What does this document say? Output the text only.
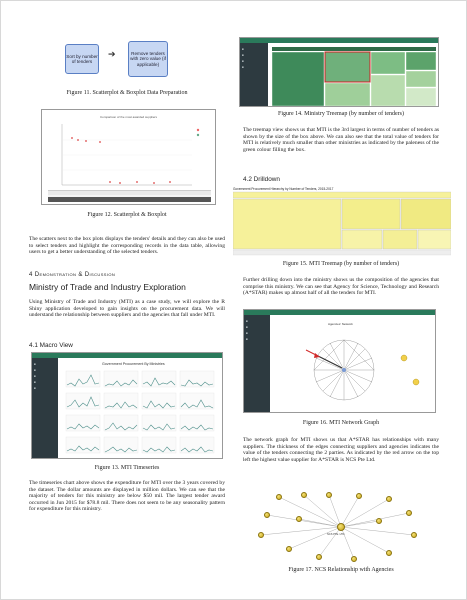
Sort by number of tenders
➔	Remove tenders with zero value (if applicable)
Figure 11. Scatterplot & Boxplot Data Preparation
Comparison of the most awarded suppliers
Figure 12. Scatterplot & Boxplot
The scatters next to the box plots displays the tenders' details and they can also be used to select tenders and highlight the corresponding records in the data table, allowing users to get a better understanding of the selected tenders.
4 Demonstration & Discussion
Ministry of Trade and Industry Exploration
Using Ministry of Trade and Industry (MTI) as a case study, we will explore the R Shiny application developed to gain insights on the procurement data. We will understand the relationship between suppliers and the agencies that fall under MTI.
4.1 Macro View
■
■
■
■
■
Government Procurement By Ministries
Figure 13. MTI Timeseries
The timeseries chart above shows the expenditure for MTI over the 3 years covered by the dataset. The dollar amounts are displayed in million dollars. We can see that the majority of tenders for this ministry are below $50 mil. The largest tender award occurred in Jun 2015 for $78.8 mil. There does not seem to be any seasonality pattern for expenditure for this ministry.
■
■
■
■
Figure 14. Ministry Treemap (by number of tenders)
The treemap view shows us that MTI is the 3rd largest in terms of number of tenders as shown by the size of the box above. We can also see that the total value of tenders for MTI is relatively much smaller than other ministries as indicated by the paleness of the green colour filling the box.
4.2 Drilldown
Government Procurement Hierarchy by Number of Tenders, 2015-2017
Figure 15. MTI Treemap (by number of tenders)
Further drilling down into the ministry shows us the composition of the agencies that comprise this ministry. We can see that Agency for Science, Technology and Research (A*STAR) makes up almost half of all the tenders for MTI.
■
■
■
■
Agencies' Network
Figure 16. MTI Network Graph
The network graph for MTI shows us that A*STAR has relationships with many suppliers. The thickness of the edges connecting suppliers and agencies indicates the value of the tenders connecting the 2 parties. As indicated by the red arrow on the top left the highest value supplier for A*STAR is NCS Pte Ltd.
NCS PTE. LTD.
Figure 17. NCS Relationship with Agencies
